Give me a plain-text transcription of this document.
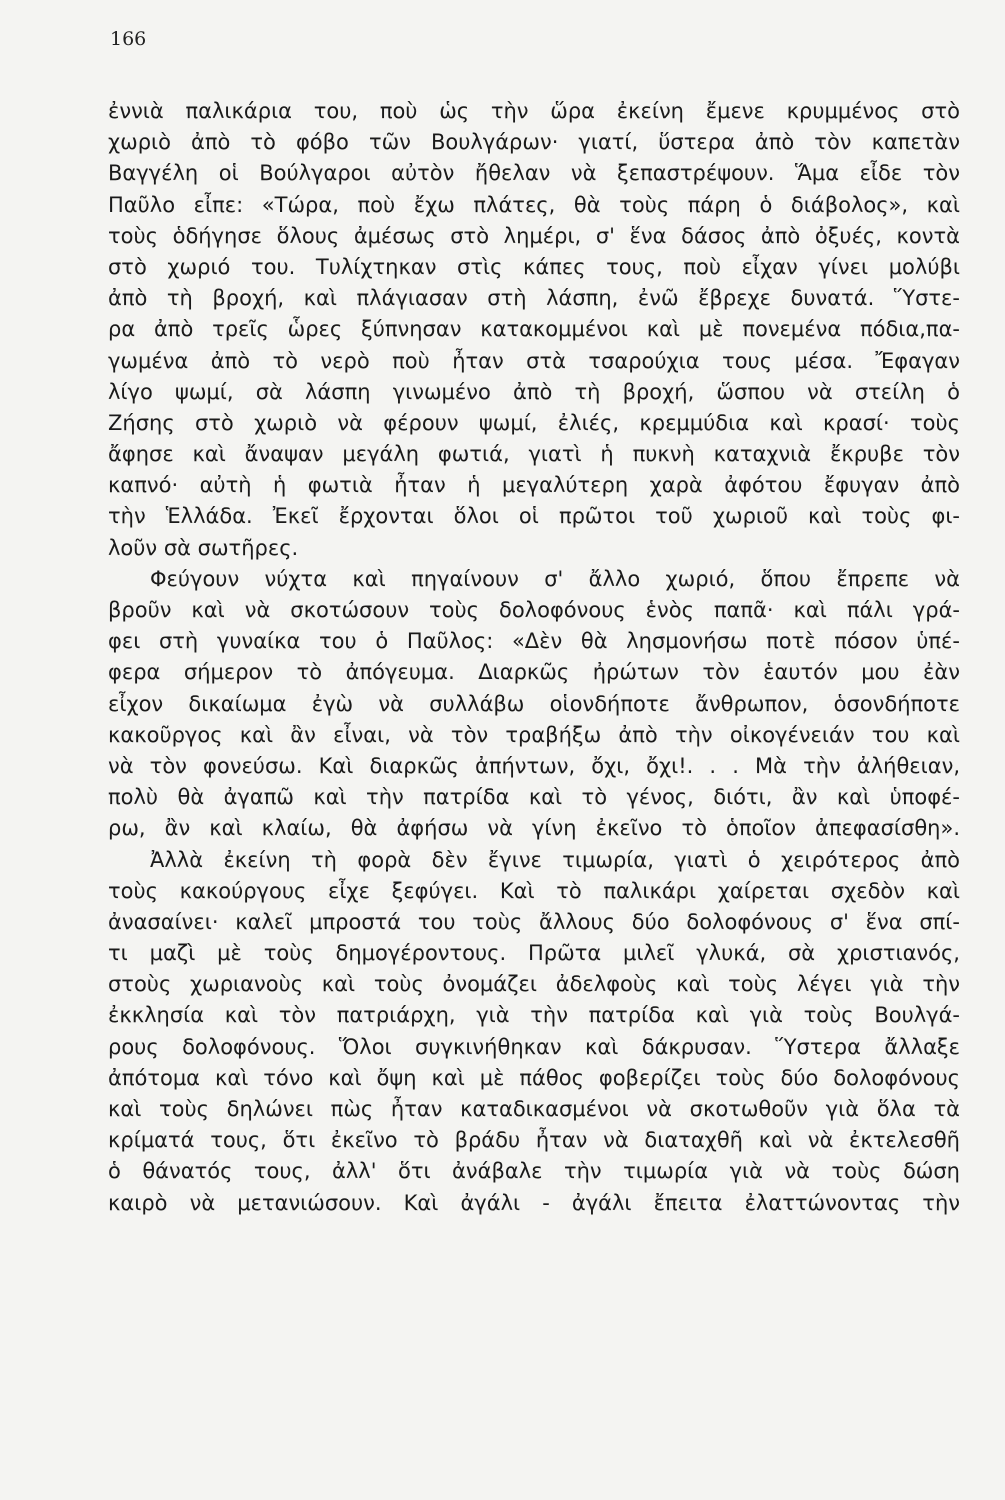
166
ἐννιὰ παλικάρια του, ποὺ ὡς τὴν ὥρα ἐκείνη ἔμενε κρυμμένος στὸ
χωριὸ ἀπὸ τὸ φόβο τῶν Βουλγάρων· γιατί, ὕστερα ἀπὸ τὸν καπετὰν
Βαγγέλη οἱ Βούλγαροι αὐτὸν ἤθελαν νὰ ξεπαστρέψουν. Ἅμα εἶδε τὸν
Παῦλο εἶπε: «Τώρα, ποὺ ἔχω πλάτες, θὰ τοὺς πάρη ὁ διάβολος», καὶ
τοὺς ὁδήγησε ὅλους ἀμέσως στὸ λημέρι, σ' ἕνα δάσος ἀπὸ ὀξυές, κοντὰ
στὸ χωριό του. Τυλίχτηκαν στὶς κάπες τους, ποὺ εἶχαν γίνει μολύβι
ἀπὸ τὴ βροχή, καὶ πλάγιασαν στὴ λάσπη, ἐνῶ ἔβρεχε δυνατά. Ὕστε-
ρα ἀπὸ τρεῖς ὧρες ξύπνησαν κατακομμένοι καὶ μὲ πονεμένα πόδια,πα-
γωμένα ἀπὸ τὸ νερὸ ποὺ ἦταν στὰ τσαρούχια τους μέσα. Ἔφαγαν
λίγο ψωμί, σὰ λάσπη γινωμένο ἀπὸ τὴ βροχή, ὥσπου νὰ στείλη ὁ
Ζήσης στὸ χωριὸ νὰ φέρουν ψωμί, ἐλιές, κρεμμύδια καὶ κρασί· τοὺς
ἄφησε καὶ ἄναψαν μεγάλη φωτιά, γιατὶ ἡ πυκνὴ καταχνιὰ ἔκρυβε τὸν
καπνό· αὐτὴ ἡ φωτιὰ ἦταν ἡ μεγαλύτερη χαρὰ ἀφότου ἔφυγαν ἀπὸ
τὴν Ἑλλάδα. Ἐκεῖ ἔρχονται ὅλοι οἱ πρῶτοι τοῦ χωριοῦ καὶ τοὺς φι-
λοῦν σὰ σωτῆρες.
Φεύγουν νύχτα καὶ πηγαίνουν σ' ἄλλο χωριό, ὅπου ἔπρεπε νὰ
βροῦν καὶ νὰ σκοτώσουν τοὺς δολοφόνους ἑνὸς παπᾶ· καὶ πάλι γρά-
φει στὴ γυναίκα του ὁ Παῦλος: «Δὲν θὰ λησμονήσω ποτὲ πόσον ὑπέ-
φερα σήμερον τὸ ἀπόγευμα. Διαρκῶς ἠρώτων τὸν ἑαυτόν μου ἐὰν
εἶχον δικαίωμα ἐγὼ νὰ συλλάβω οἱονδήποτε ἄνθρωπον, ὁσονδήποτε
κακοῦργος καὶ ἂν εἶναι, νὰ τὸν τραβήξω ἀπὸ τὴν οἰκογένειάν του καὶ
νὰ τὸν φονεύσω. Καὶ διαρκῶς ἀπήντων, ὄχι, ὄχι!. . . Μὰ τὴν ἀλήθειαν,
πολὺ θὰ ἀγαπῶ καὶ τὴν πατρίδα καὶ τὸ γένος, διότι, ἂν καὶ ὑποφέ-
ρω, ἂν καὶ κλαίω, θὰ ἀφήσω νὰ γίνη ἐκεῖνο τὸ ὁποῖον ἀπεφασίσθη».
Ἀλλὰ ἐκείνη τὴ φορὰ δὲν ἔγινε τιμωρία, γιατὶ ὁ χειρότερος ἀπὸ
τοὺς κακούργους εἶχε ξεφύγει. Καὶ τὸ παλικάρι χαίρεται σχεδὸν καὶ
ἀνασαίνει· καλεῖ μπροστά του τοὺς ἄλλους δύο δολοφόνους σ' ἕνα σπί-
τι μαζὶ μὲ τοὺς δημογέροντους. Πρῶτα μιλεῖ γλυκά, σὰ χριστιανός,
στοὺς χωριανοὺς καὶ τοὺς ὀνομάζει ἀδελφοὺς καὶ τοὺς λέγει γιὰ τὴν
ἐκκλησία καὶ τὸν πατριάρχη, γιὰ τὴν πατρίδα καὶ γιὰ τοὺς Βουλγά-
ρους δολοφόνους. Ὅλοι συγκινήθηκαν καὶ δάκρυσαν. Ὕστερα ἄλλαξε
ἀπότομα καὶ τόνο καὶ ὄψη καὶ μὲ πάθος φοβερίζει τοὺς δύο δολοφόνους
καὶ τοὺς δηλώνει πὼς ἦταν καταδικασμένοι νὰ σκοτωθοῦν γιὰ ὅλα τὰ
κρίματά τους, ὅτι ἐκεῖνο τὸ βράδυ ἦταν νὰ διαταχθῆ καὶ νὰ ἐκτελεσθῆ
ὁ θάνατός τους, ἀλλ' ὅτι ἀνάβαλε τὴν τιμωρία γιὰ νὰ τοὺς δώση
καιρὸ νὰ μετανιώσουν. Καὶ ἀγάλι - ἀγάλι ἔπειτα ἐλαττώνοντας τὴν
